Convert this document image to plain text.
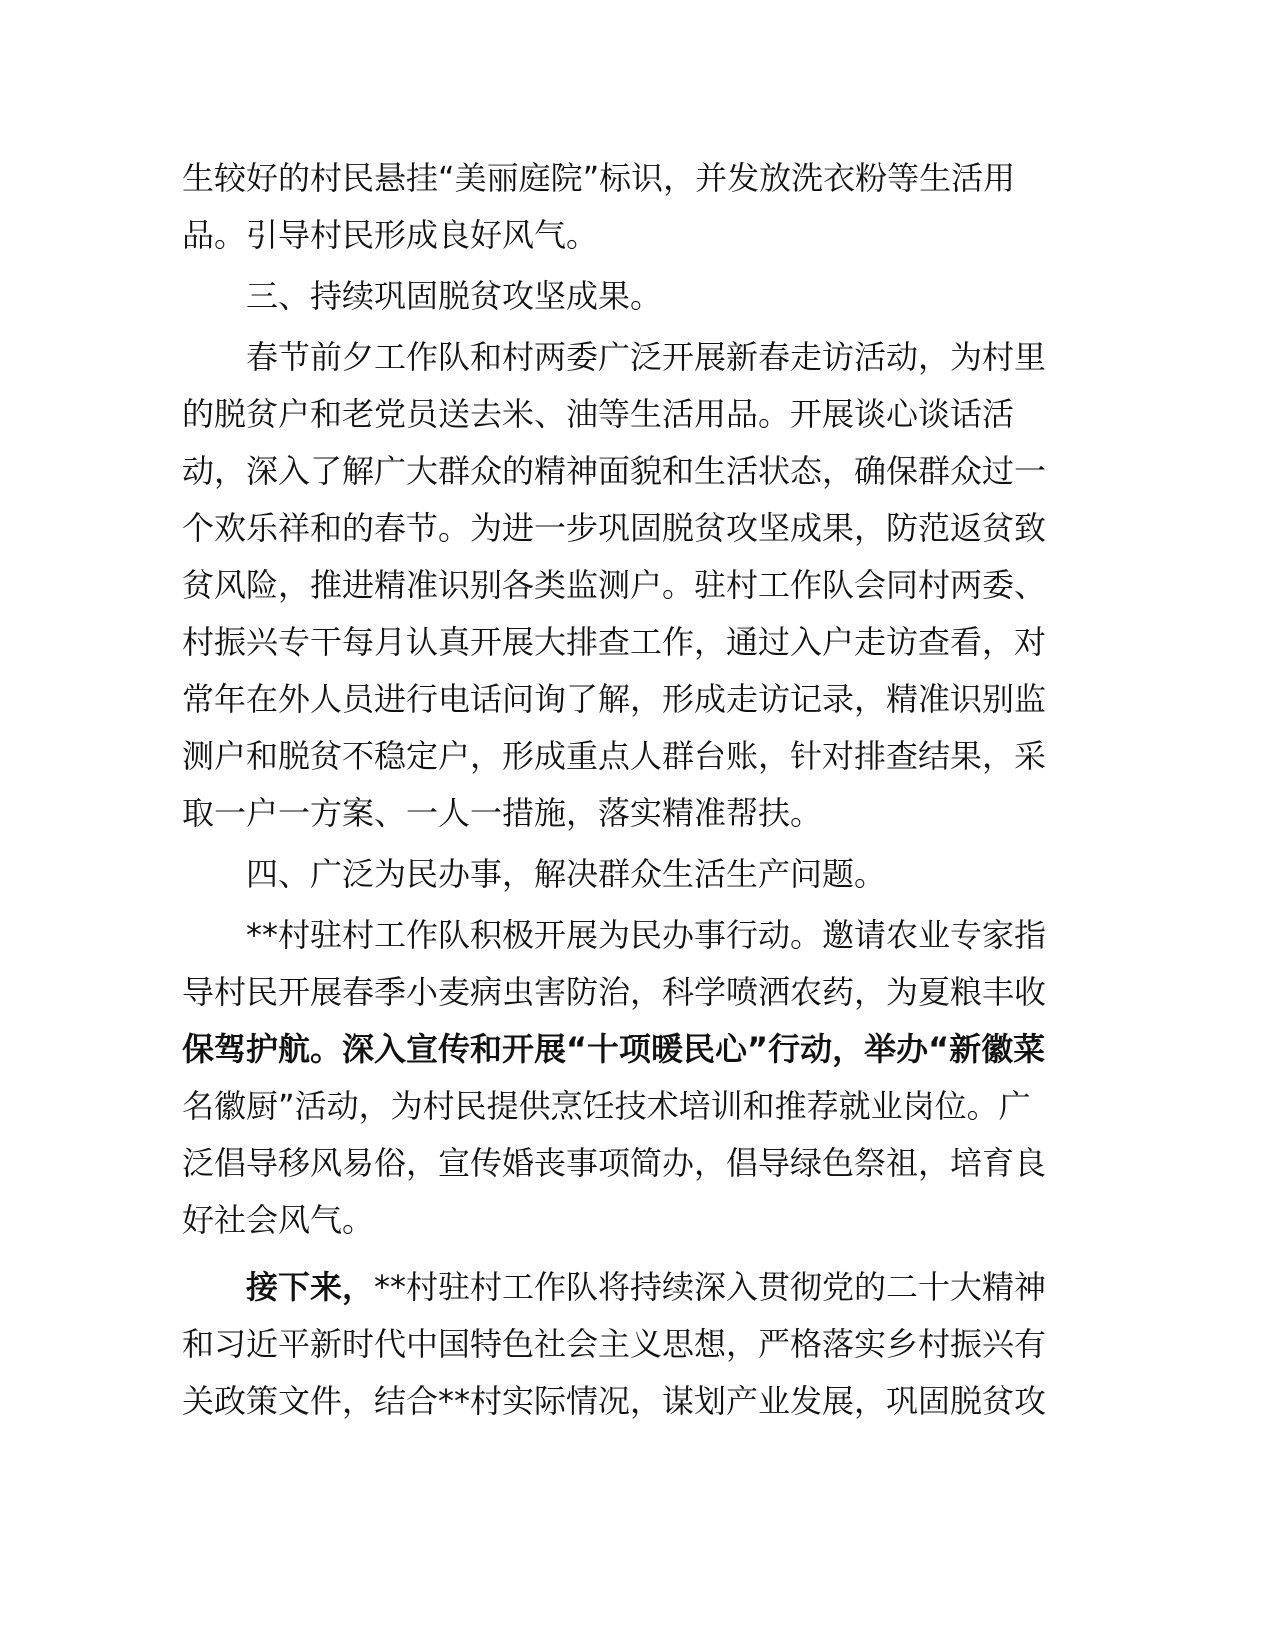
生较好的村民悬挂“美丽庭院”标识，并发放洗衣粉等生活用
品。引导村民形成良好风气。
三、持续巩固脱贫攻坚成果。
春节前夕工作队和村两委广泛开展新春走访活动，为村里
的脱贫户和老党员送去米、油等生活用品。开展谈心谈话活
动，深入了解广大群众的精神面貌和生活状态，确保群众过一
个欢乐祥和的春节。为进一步巩固脱贫攻坚成果，防范返贫致
贫风险，推进精准识别各类监测户。驻村工作队会同村两委、
村振兴专干每月认真开展大排查工作，通过入户走访查看，对
常年在外人员进行电话问询了解，形成走访记录，精准识别监
测户和脱贫不稳定户，形成重点人群台账，针对排查结果，采
取一户一方案、一人一措施，落实精准帮扶。
四、广泛为民办事，解决群众生活生产问题。
**村驻村工作队积极开展为民办事行动。邀请农业专家指
导村民开展春季小麦病虫害防治，科学喷洒农药，为夏粮丰收
保驾护航。深入宣传和开展“十项暖民心”行动，举办“新徽菜
名徽厨”活动，为村民提供烹饪技术培训和推荐就业岗位。广
泛倡导移风易俗，宣传婚丧事项简办，倡导绿色祭祖，培育良
好社会风气。
接下来，**村驻村工作队将持续深入贯彻党的二十大精神
和习近平新时代中国特色社会主义思想，严格落实乡村振兴有
关政策文件，结合**村实际情况，谋划产业发展，巩固脱贫攻
